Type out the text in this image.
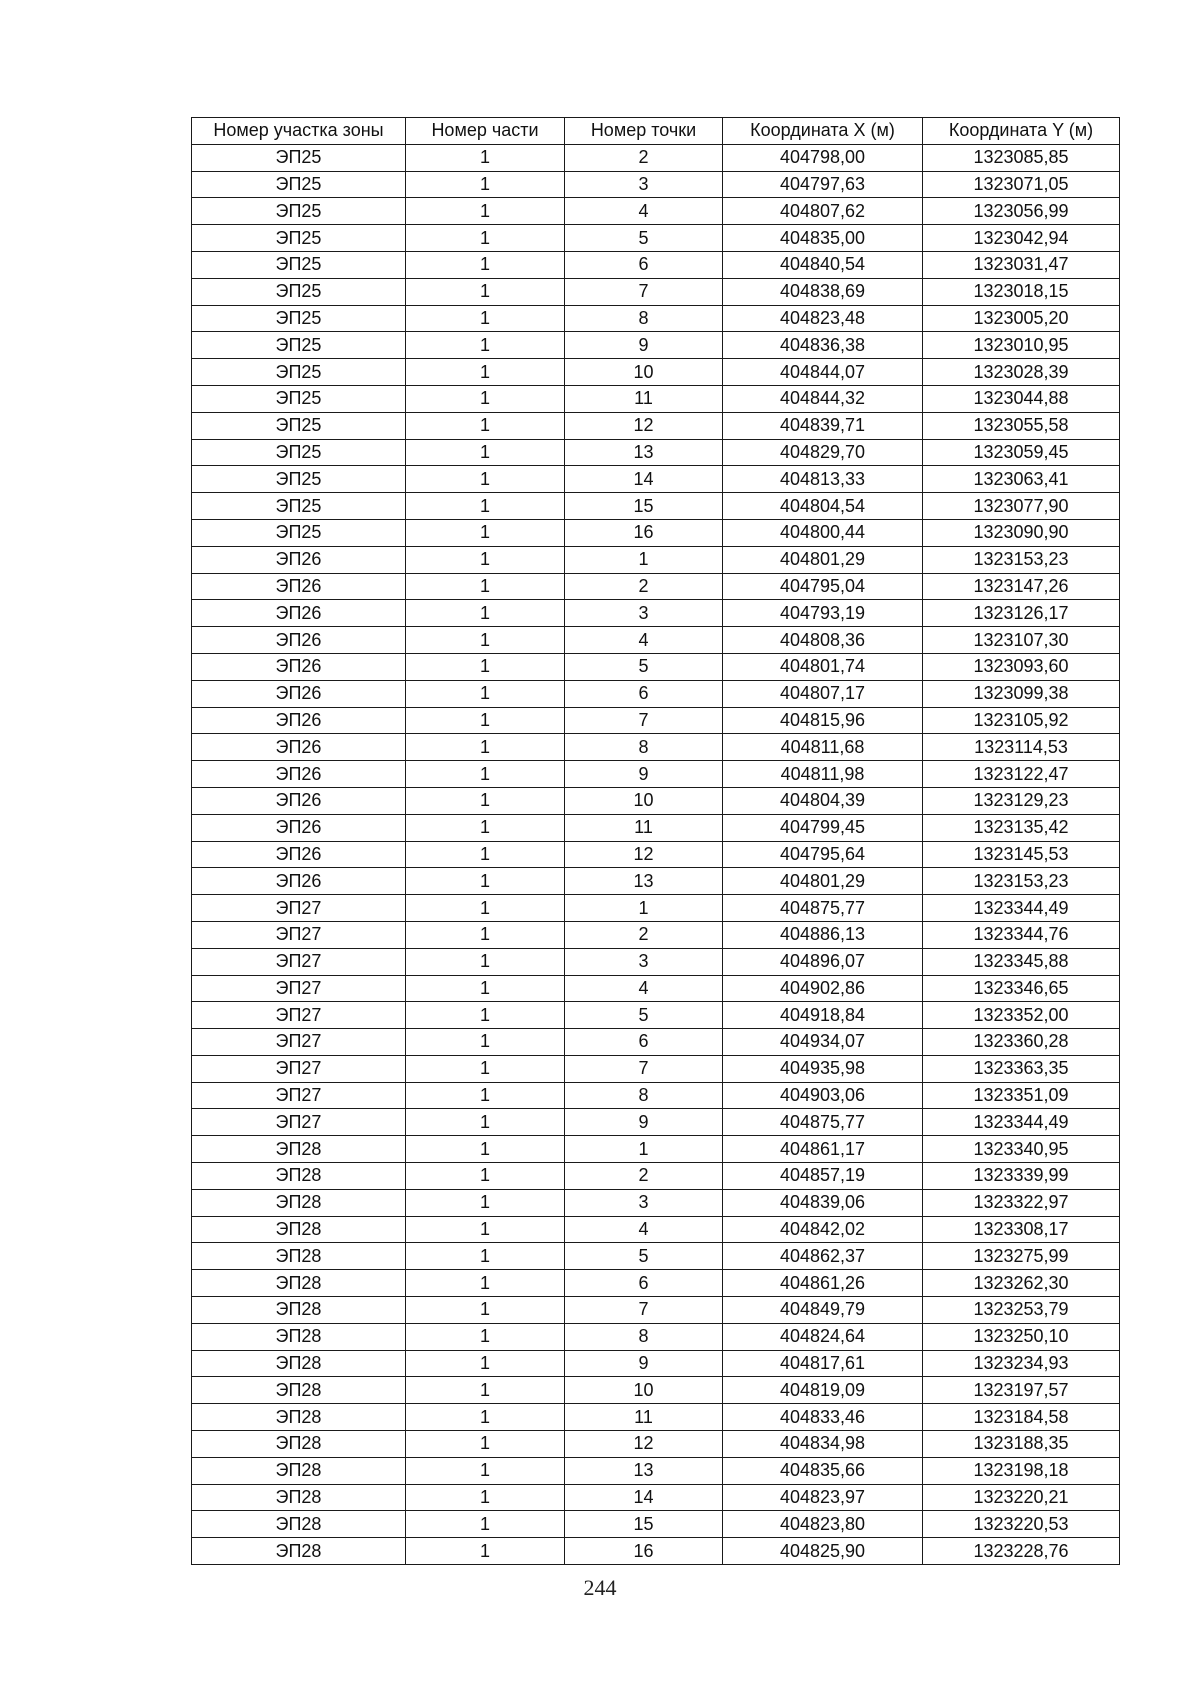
Номер участка зоны	Номер части	Номер точки	Координата X (м)	Координата Y (м)
ЭП25	1	2	404798,00	1323085,85
ЭП25	1	3	404797,63	1323071,05
ЭП25	1	4	404807,62	1323056,99
ЭП25	1	5	404835,00	1323042,94
ЭП25	1	6	404840,54	1323031,47
ЭП25	1	7	404838,69	1323018,15
ЭП25	1	8	404823,48	1323005,20
ЭП25	1	9	404836,38	1323010,95
ЭП25	1	10	404844,07	1323028,39
ЭП25	1	11	404844,32	1323044,88
ЭП25	1	12	404839,71	1323055,58
ЭП25	1	13	404829,70	1323059,45
ЭП25	1	14	404813,33	1323063,41
ЭП25	1	15	404804,54	1323077,90
ЭП25	1	16	404800,44	1323090,90
ЭП26	1	1	404801,29	1323153,23
ЭП26	1	2	404795,04	1323147,26
ЭП26	1	3	404793,19	1323126,17
ЭП26	1	4	404808,36	1323107,30
ЭП26	1	5	404801,74	1323093,60
ЭП26	1	6	404807,17	1323099,38
ЭП26	1	7	404815,96	1323105,92
ЭП26	1	8	404811,68	1323114,53
ЭП26	1	9	404811,98	1323122,47
ЭП26	1	10	404804,39	1323129,23
ЭП26	1	11	404799,45	1323135,42
ЭП26	1	12	404795,64	1323145,53
ЭП26	1	13	404801,29	1323153,23
ЭП27	1	1	404875,77	1323344,49
ЭП27	1	2	404886,13	1323344,76
ЭП27	1	3	404896,07	1323345,88
ЭП27	1	4	404902,86	1323346,65
ЭП27	1	5	404918,84	1323352,00
ЭП27	1	6	404934,07	1323360,28
ЭП27	1	7	404935,98	1323363,35
ЭП27	1	8	404903,06	1323351,09
ЭП27	1	9	404875,77	1323344,49
ЭП28	1	1	404861,17	1323340,95
ЭП28	1	2	404857,19	1323339,99
ЭП28	1	3	404839,06	1323322,97
ЭП28	1	4	404842,02	1323308,17
ЭП28	1	5	404862,37	1323275,99
ЭП28	1	6	404861,26	1323262,30
ЭП28	1	7	404849,79	1323253,79
ЭП28	1	8	404824,64	1323250,10
ЭП28	1	9	404817,61	1323234,93
ЭП28	1	10	404819,09	1323197,57
ЭП28	1	11	404833,46	1323184,58
ЭП28	1	12	404834,98	1323188,35
ЭП28	1	13	404835,66	1323198,18
ЭП28	1	14	404823,97	1323220,21
ЭП28	1	15	404823,80	1323220,53
ЭП28	1	16	404825,90	1323228,76
244
